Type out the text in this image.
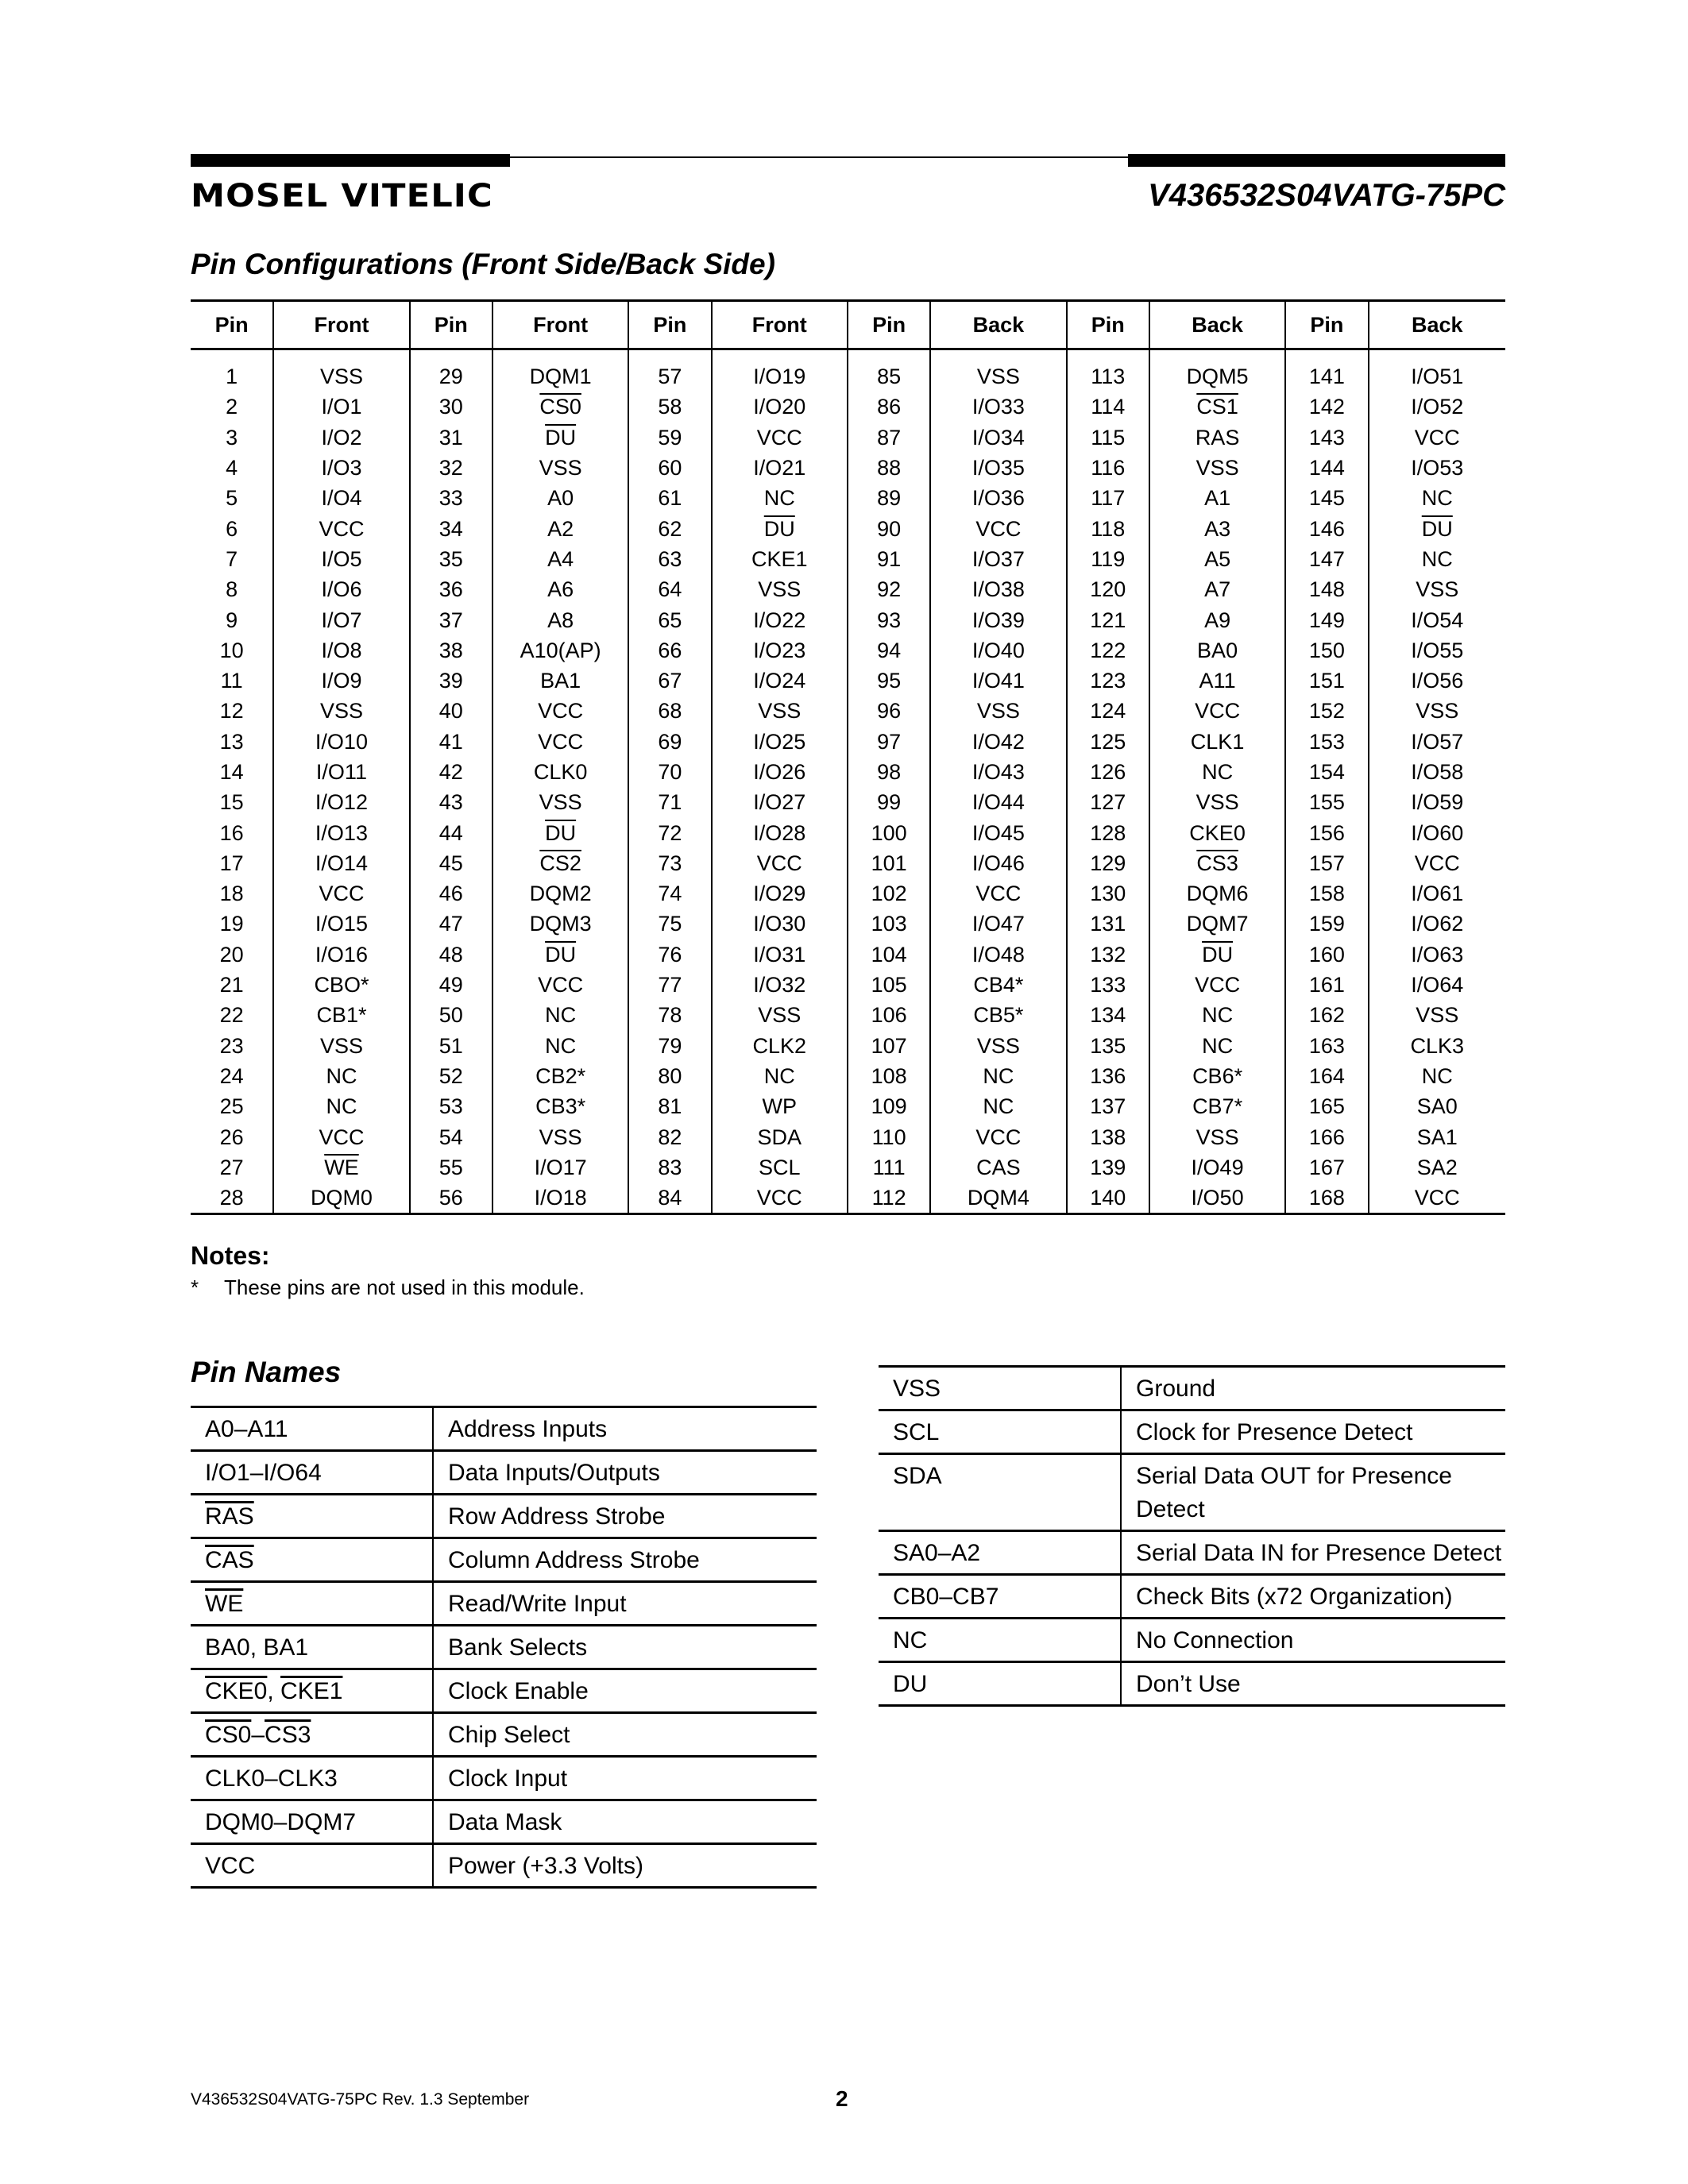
MOSEL VITELIC	V436532S04VATG-75PC
Pin Configurations (Front Side/Back Side)
Pin	Front	Pin	Front	Pin	Front	Pin	Back	Pin	Back	Pin	Back

1	VSS	29	DQM1	57	I/O19	85	VSS	113	DQM5	141	I/O51
2	I/O1	30	CS0	58	I/O20	86	I/O33	114	CS1	142	I/O52
3	I/O2	31	$\overline{DU}$	59	VCC	87	I/O34	115	RAS	143	VCC
4	I/O3	32	VSS	60	I/O21	88	I/O35	116	VSS	144	I/O53
5	I/O4	33	A0	61	NC	89	I/O36	117	A1	145	NC
6	VCC	34	A2	62	$\overline{DU}$	90	VCC	118	A3	146	$\overline{DU}$
7	I/O5	35	A4	63	CKE1	91	I/O37	119	A5	147	NC
8	I/O6	36	A6	64	VSS	92	I/O38	120	A7	148	VSS
9	I/O7	37	A8	65	I/O22	93	I/O39	121	A9	149	I/O54
10	I/O8	38	A10(AP)	66	I/O23	94	I/O40	122	BA0	150	I/O55
11	I/O9	39	BA1	67	I/O24	95	I/O41	123	A11	151	I/O56
12	VSS	40	VCC	68	VSS	96	VSS	124	VCC	152	VSS
13	I/O10	41	VCC	69	I/O25	97	I/O42	125	CLK1	153	I/O57
14	I/O11	42	CLK0	70	I/O26	98	I/O43	126	NC	154	I/O58
15	I/O12	43	VSS	71	I/O27	99	I/O44	127	VSS	155	I/O59
16	I/O13	44	$\overline{DU}$	72	I/O28	100	I/O45	128	CKE0	156	I/O60
17	I/O14	45	CS2	73	VCC	101	I/O46	129	CS3	157	VCC
18	VCC	46	DQM2	74	I/O29	102	VCC	130	DQM6	158	I/O61
19	I/O15	47	DQM3	75	I/O30	103	I/O47	131	DQM7	159	I/O62
20	I/O16	48	$\overline{DU}$	76	I/O31	104	I/O48	132	$\overline{DU}$	160	I/O63
21	CBO*	49	VCC	77	I/O32	105	CB4*	133	VCC	161	I/O64
22	CB1*	50	NC	78	VSS	106	CB5*	134	NC	162	VSS
23	VSS	51	NC	79	CLK2	107	VSS	135	NC	163	CLK3
24	NC	52	CB2*	80	NC	108	NC	136	CB6*	164	NC
25	NC	53	CB3*	81	WP	109	NC	137	CB7*	165	SA0
26	VCC	54	VSS	82	SDA	110	VCC	138	VSS	166	SA1
27	$\overline{WE}$	55	I/O17	83	SCL	111	CAS	139	I/O49	167	SA2
28	DQM0	56	I/O18	84	VCC	112	DQM4	140	I/O50	168	VCC
Notes:
* These pins are not used in this module.
Pin Names
A0–A11	Address Inputs
I/O1–I/O64	Data Inputs/Outputs
$\overline{RAS}$	Row Address Strobe
$\overline{CAS}$	Column Address Strobe
$\overline{WE}$	Read/Write Input
BA0, BA1	Bank Selects
CKE0, CKE1	Clock Enable
CS0–CS3	Chip Select
CLK0–CLK3	Clock Input
DQM0–DQM7	Data Mask
VCC	Power (+3.3 Volts)
VSS	Ground
SCL	Clock for Presence Detect
SDA	Serial Data OUT for Presence Detect
SA0–A2	Serial Data IN for Presence Detect
CB0–CB7	Check Bits (x72 Organization)
NC	No Connection
DU	Don’t Use
V436532S04VATG-75PC Rev. 1.3 September	2
